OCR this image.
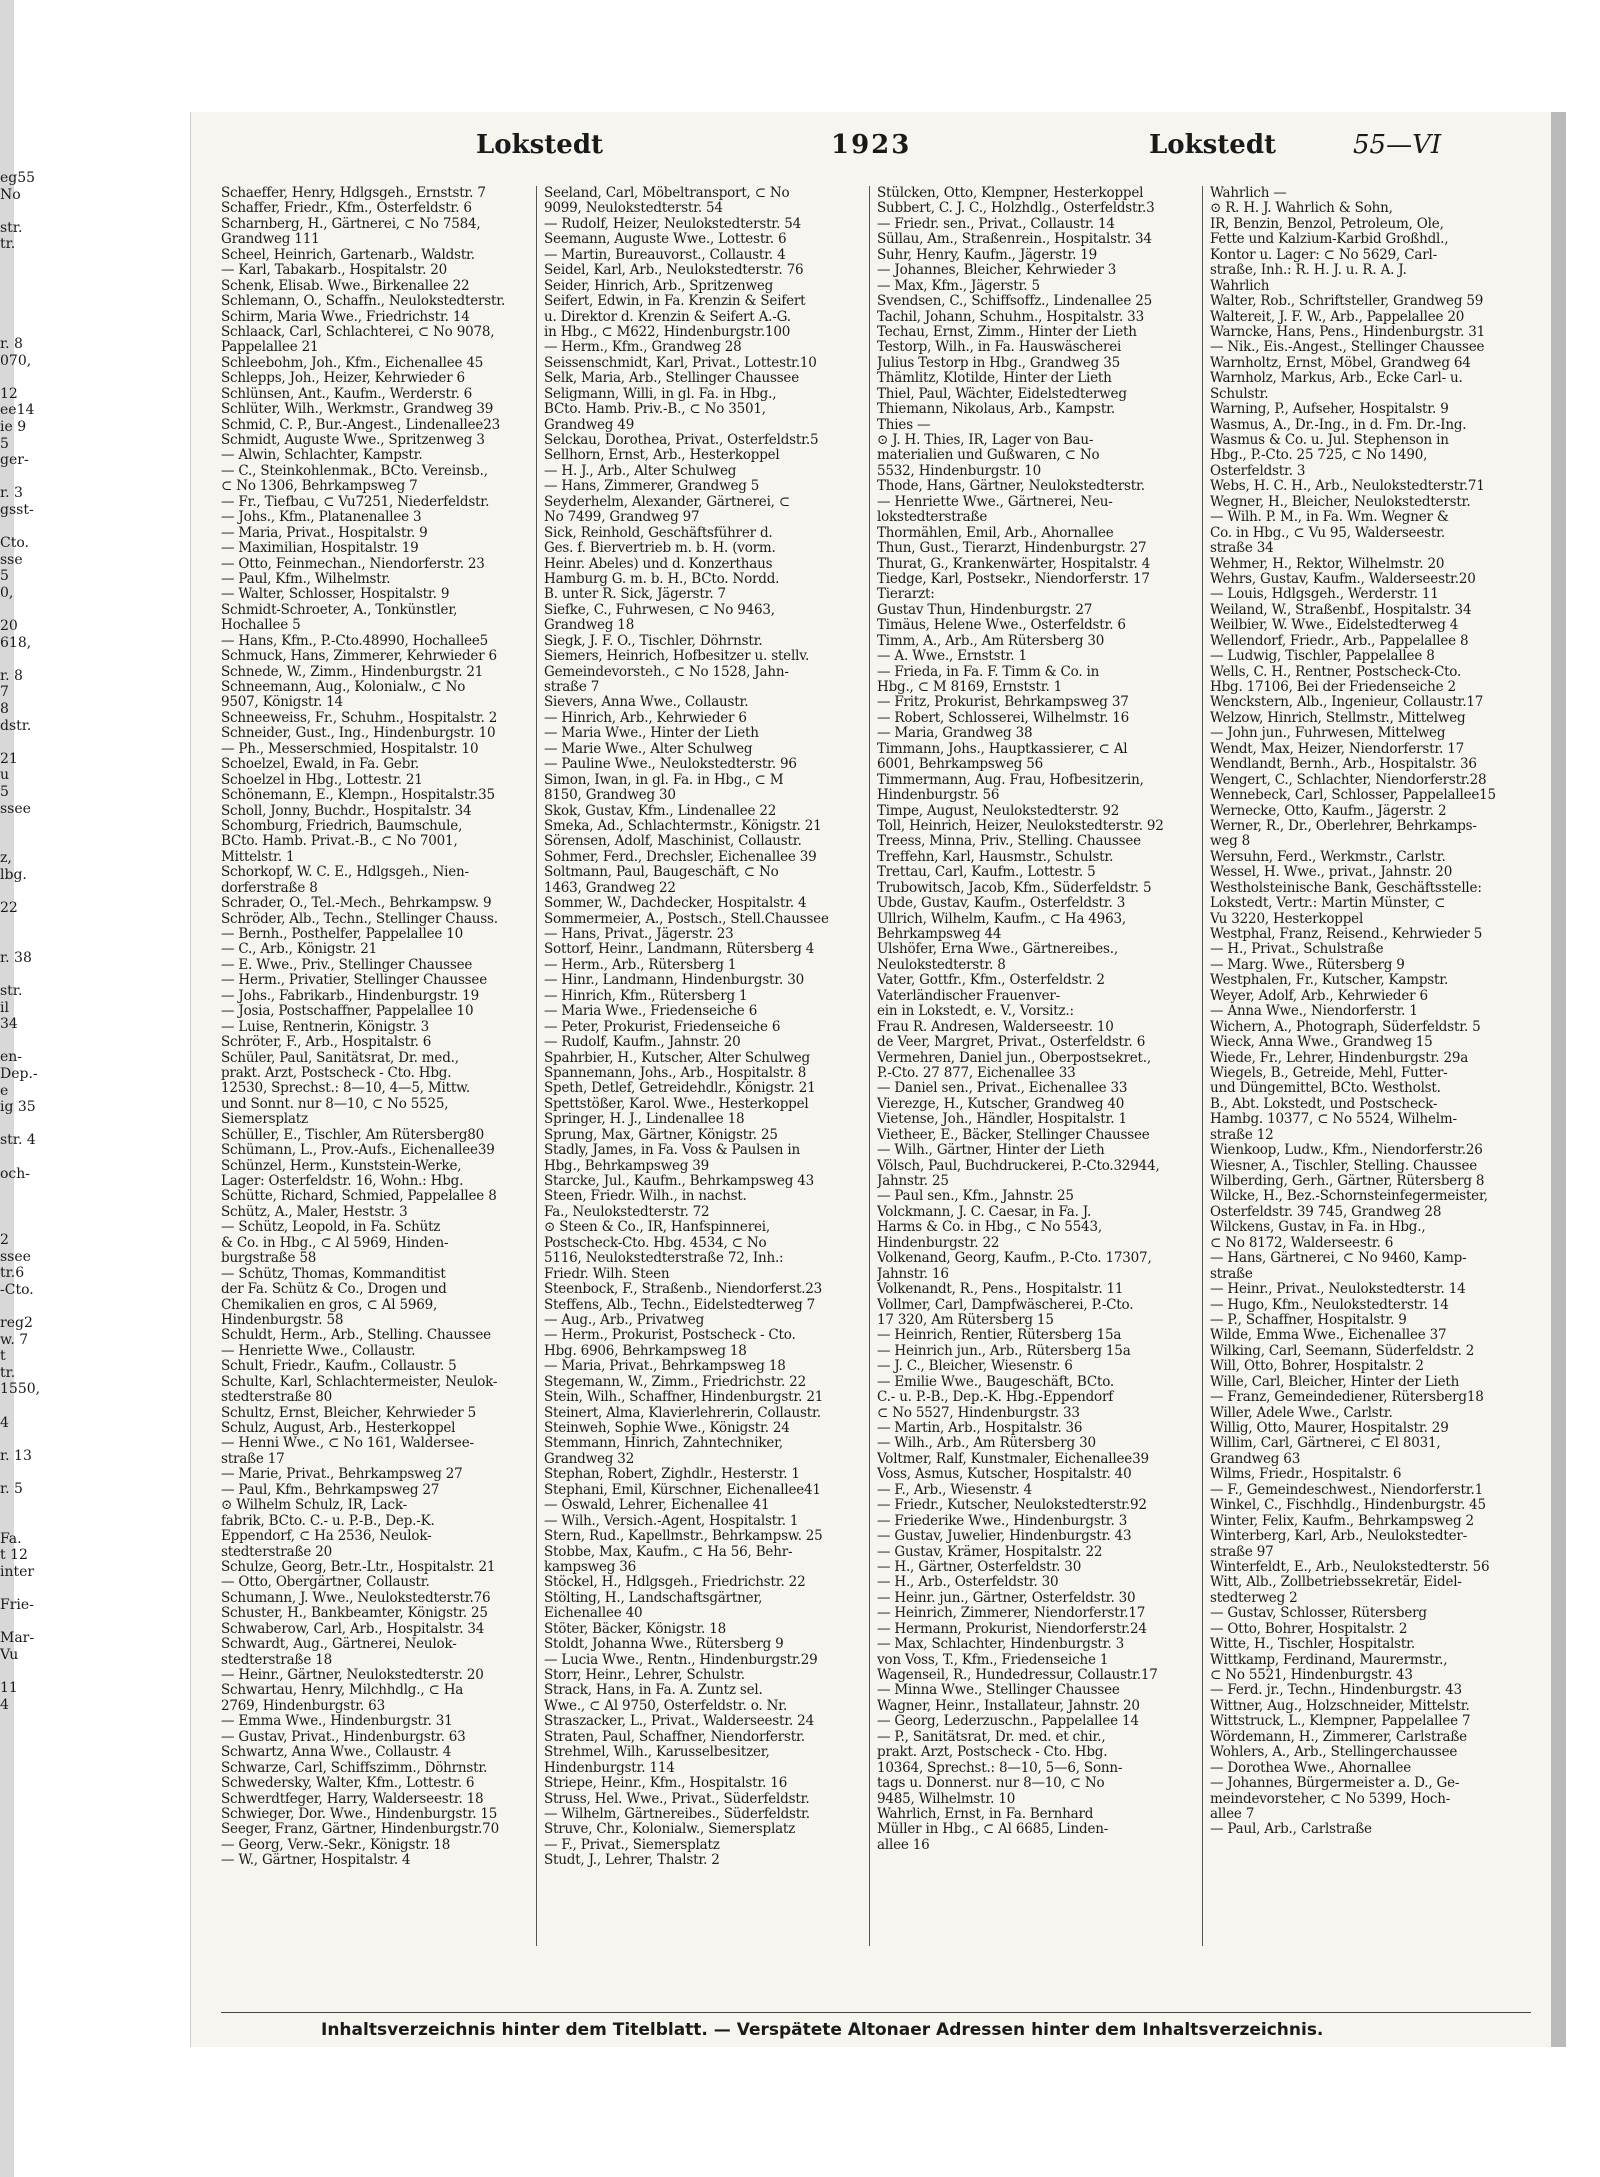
eg55
No
str.
tr.
r. 8
070,
12
ee14
ie 9
5
ger-
r. 3
gsst-
Cto.
sse
5
0,
20
618,
r. 8
7
8
dstr.
21
u
5
ssee
z,
lbg.
22
r. 38
str.
il
34
en-
Dep.-
e
ig 35
str. 4
och-
2
ssee
tr.6
-Cto.
reg2
w. 7
t
tr.
1550,
4
r. 13
r. 5
Fa.
t 12
inter
Frie-
Mar-
Vu
11
4
Lokstedt	1923	Lokstedt	55—VI
Schaeffer, Henry, Hdlgsgeh., Ernststr. 7
Schaffer, Friedr., Kfm., Osterfeldstr. 6
Scharnberg, H., Gärtnerei, ⊂ No 7584,
Grandweg 111
Scheel, Heinrich, Gartenarb., Waldstr.
— Karl, Tabakarb., Hospitalstr. 20
Schenk, Elisab. Wwe., Birkenallee 22
Schlemann, O., Schaffn., Neulokstedterstr.
Schirm, Maria Wwe., Friedrichstr. 14
Schlaack, Carl, Schlachterei, ⊂ No 9078,
Pappelallee 21
Schleebohm, Joh., Kfm., Eichenallee 45
Schlepps, Joh., Heizer, Kehrwieder 6
Schlünsen, Ant., Kaufm., Werderstr. 6
Schlüter, Wilh., Werkmstr., Grandweg 39
Schmid, C. P., Bur.-Angest., Lindenallee23
Schmidt, Auguste Wwe., Spritzenweg 3
— Alwin, Schlachter, Kampstr.
— C., Steinkohlenmak., BCto. Vereinsb.,
⊂ No 1306, Behrkampsweg 7
— Fr., Tiefbau, ⊂ Vu7251, Niederfeldstr.
— Johs., Kfm., Platanenallee 3
— Maria, Privat., Hospitalstr. 9
— Maximilian, Hospitalstr. 19
— Otto, Feinmechan., Niendorferstr. 23
— Paul, Kfm., Wilhelmstr.
— Walter, Schlosser, Hospitalstr. 9
Schmidt-Schroeter, A., Tonkünstler,
Hochallee 5
— Hans, Kfm., P.-Cto.48990, Hochallee5
Schmuck, Hans, Zimmerer, Kehrwieder 6
Schnede, W., Zimm., Hindenburgstr. 21
Schneemann, Aug., Kolonialw., ⊂ No
9507, Königstr. 14
Schneeweiss, Fr., Schuhm., Hospitalstr. 2
Schneider, Gust., Ing., Hindenburgstr. 10
— Ph., Messerschmied, Hospitalstr. 10
Schoelzel, Ewald, in Fa. Gebr.
Schoelzel in Hbg., Lottestr. 21
Schönemann, E., Klempn., Hospitalstr.35
Scholl, Jonny, Buchdr., Hospitalstr. 34
Schomburg, Friedrich, Baumschule,
BCto. Hamb. Privat.-B., ⊂ No 7001,
Mittelstr. 1
Schorkopf, W. C. E., Hdlgsgeh., Nien-
dorferstraße 8
Schrader, O., Tel.-Mech., Behrkampsw. 9
Schröder, Alb., Techn., Stellinger Chauss.
— Bernh., Posthelfer, Pappelallee 10
— C., Arb., Königstr. 21
— E. Wwe., Priv., Stellinger Chaussee
— Herm., Privatier, Stellinger Chaussee
— Johs., Fabrikarb., Hindenburgstr. 19
— Josia, Postschaffner, Pappelallee 10
— Luise, Rentnerin, Königstr. 3
Schröter, F., Arb., Hospitalstr. 6
Schüler, Paul, Sanitätsrat, Dr. med.,
prakt. Arzt, Postscheck - Cto. Hbg.
12530, Sprechst.: 8—10, 4—5, Mittw.
und Sonnt. nur 8—10, ⊂ No 5525,
Siemersplatz
Schüller, E., Tischler, Am Rütersberg80
Schümann, L., Prov.-Aufs., Eichenallee39
Schünzel, Herm., Kunststein-Werke,
Lager: Osterfeldstr. 16, Wohn.: Hbg.
Schütte, Richard, Schmied, Pappelallee 8
Schütz, A., Maler, Heststr. 3
— Schütz, Leopold, in Fa. Schütz
& Co. in Hbg., ⊂ Al 5969, Hinden-
burgstraße 58
— Schütz, Thomas, Kommanditist
der Fa. Schütz & Co., Drogen und
Chemikalien en gros, ⊂ Al 5969,
Hindenburgstr. 58
Schuldt, Herm., Arb., Stelling. Chaussee
— Henriette Wwe., Collaustr.
Schult, Friedr., Kaufm., Collaustr. 5
Schulte, Karl, Schlachtermeister, Neulok-
stedterstraße 80
Schultz, Ernst, Bleicher, Kehrwieder 5
Schulz, August, Arb., Hesterkoppel
— Henni Wwe., ⊂ No 161, Waldersee-
straße 17
— Marie, Privat., Behrkampsweg 27
— Paul, Kfm., Behrkampsweg 27
⊙ Wilhelm Schulz, IR, Lack-
fabrik, BCto. C.- u. P.-B., Dep.-K.
Eppendorf, ⊂ Ha 2536, Neulok-
stedterstraße 20
Schulze, Georg, Betr.-Ltr., Hospitalstr. 21
— Otto, Obergärtner, Collaustr.
Schumann, J. Wwe., Neulokstedterstr.76
Schuster, H., Bankbeamter, Königstr. 25
Schwaberow, Carl, Arb., Hospitalstr. 34
Schwardt, Aug., Gärtnerei, Neulok-
stedterstraße 18
— Heinr., Gärtner, Neulokstedterstr. 20
Schwartau, Henry, Milchhdlg., ⊂ Ha
2769, Hindenburgstr. 63
— Emma Wwe., Hindenburgstr. 31
— Gustav, Privat., Hindenburgstr. 63
Schwartz, Anna Wwe., Collaustr. 4
Schwarze, Carl, Schiffszimm., Döhrnstr.
Schwedersky, Walter, Kfm., Lottestr. 6
Schwerdtfeger, Harry, Walderseestr. 18
Schwieger, Dor. Wwe., Hindenburgstr. 15
Seeger, Franz, Gärtner, Hindenburgstr.70
— Georg, Verw.-Sekr., Königstr. 18
— W., Gärtner, Hospitalstr. 4
Seeland, Carl, Möbeltransport, ⊂ No
9099, Neulokstedterstr. 54
— Rudolf, Heizer, Neulokstedterstr. 54
Seemann, Auguste Wwe., Lottestr. 6
— Martin, Bureauvorst., Collaustr. 4
Seidel, Karl, Arb., Neulokstedterstr. 76
Seider, Hinrich, Arb., Spritzenweg
Seifert, Edwin, in Fa. Krenzin & Seifert
u. Direktor d. Krenzin & Seifert A.-G.
in Hbg., ⊂ M622, Hindenburgstr.100
— Herm., Kfm., Grandweg 28
Seissenschmidt, Karl, Privat., Lottestr.10
Selk, Maria, Arb., Stellinger Chaussee
Seligmann, Willi, in gl. Fa. in Hbg.,
BCto. Hamb. Priv.-B., ⊂ No 3501,
Grandweg 49
Selckau, Dorothea, Privat., Osterfeldstr.5
Sellhorn, Ernst, Arb., Hesterkoppel
— H. J., Arb., Alter Schulweg
— Hans, Zimmerer, Grandweg 5
Seyderhelm, Alexander, Gärtnerei, ⊂
No 7499, Grandweg 97
Sick, Reinhold, Geschäftsführer d.
Ges. f. Biervertrieb m. b. H. (vorm.
Heinr. Abeles) und d. Konzerthaus
Hamburg G. m. b. H., BCto. Nordd.
B. unter R. Sick, Jägerstr. 7
Siefke, C., Fuhrwesen, ⊂ No 9463,
Grandweg 18
Siegk, J. F. O., Tischler, Döhrnstr.
Siemers, Heinrich, Hofbesitzer u. stellv.
Gemeindevorsteh., ⊂ No 1528, Jahn-
straße 7
Sievers, Anna Wwe., Collaustr.
— Hinrich, Arb., Kehrwieder 6
— Maria Wwe., Hinter der Lieth
— Marie Wwe., Alter Schulweg
— Pauline Wwe., Neulokstedterstr. 96
Simon, Iwan, in gl. Fa. in Hbg., ⊂ M
8150, Grandweg 30
Skok, Gustav, Kfm., Lindenallee 22
Smeka, Ad., Schlachtermstr., Königstr. 21
Sörensen, Adolf, Maschinist, Collaustr.
Sohmer, Ferd., Drechsler, Eichenallee 39
Soltmann, Paul, Baugeschäft, ⊂ No
1463, Grandweg 22
Sommer, W., Dachdecker, Hospitalstr. 4
Sommermeier, A., Postsch., Stell.Chaussee
— Hans, Privat., Jägerstr. 23
Sottorf, Heinr., Landmann, Rütersberg 4
— Herm., Arb., Rütersberg 1
— Hinr., Landmann, Hindenburgstr. 30
— Hinrich, Kfm., Rütersberg 1
— Maria Wwe., Friedenseiche 6
— Peter, Prokurist, Friedenseiche 6
— Rudolf, Kaufm., Jahnstr. 20
Spahrbier, H., Kutscher, Alter Schulweg
Spannemann, Johs., Arb., Hospitalstr. 8
Speth, Detlef, Getreidehdlr., Königstr. 21
Spettstößer, Karol. Wwe., Hesterkoppel
Springer, H. J., Lindenallee 18
Sprung, Max, Gärtner, Königstr. 25
Stadly, James, in Fa. Voss & Paulsen in
Hbg., Behrkampsweg 39
Starcke, Jul., Kaufm., Behrkampsweg 43
Steen, Friedr. Wilh., in nachst.
Fa., Neulokstedterstr. 72
⊙ Steen & Co., IR, Hanfspinnerei,
Postscheck-Cto. Hbg. 4534, ⊂ No
5116, Neulokstedterstraße 72, Inh.:
Friedr. Wilh. Steen
Steenbock, F., Straßenb., Niendorferst.23
Steffens, Alb., Techn., Eidelstedterweg 7
— Aug., Arb., Privatweg
— Herm., Prokurist, Postscheck - Cto.
Hbg. 6906, Behrkampsweg 18
— Maria, Privat., Behrkampsweg 18
Stegemann, W., Zimm., Friedrichstr. 22
Stein, Wilh., Schaffner, Hindenburgstr. 21
Steinert, Alma, Klavierlehrerin, Collaustr.
Steinweh, Sophie Wwe., Königstr. 24
Stemmann, Hinrich, Zahntechniker,
Grandweg 32
Stephan, Robert, Zighdlr., Hesterstr. 1
Stephani, Emil, Kürschner, Eichenallee41
— Oswald, Lehrer, Eichenallee 41
— Wilh., Versich.-Agent, Hospitalstr. 1
Stern, Rud., Kapellmstr., Behrkampsw. 25
Stobbe, Max, Kaufm., ⊂ Ha 56, Behr-
kampsweg 36
Stöckel, H., Hdlgsgeh., Friedrichstr. 22
Stölting, H., Landschaftsgärtner,
Eichenallee 40
Stöter, Bäcker, Königstr. 18
Stoldt, Johanna Wwe., Rütersberg 9
— Lucia Wwe., Rentn., Hindenburgstr.29
Storr, Heinr., Lehrer, Schulstr.
Strack, Hans, in Fa. A. Zuntz sel.
Wwe., ⊂ Al 9750, Osterfeldstr. o. Nr.
Straszacker, L., Privat., Walderseestr. 24
Straten, Paul, Schaffner, Niendorferstr.
Strehmel, Wilh., Karusselbesitzer,
Hindenburgstr. 114
Striepe, Heinr., Kfm., Hospitalstr. 16
Struss, Hel. Wwe., Privat., Süderfeldstr.
— Wilhelm, Gärtnereibes., Süderfeldstr.
Struve, Chr., Kolonialw., Siemersplatz
— F., Privat., Siemersplatz
Studt, J., Lehrer, Thalstr. 2
Stülcken, Otto, Klempner, Hesterkoppel
Subbert, C. J. C., Holzhdlg., Osterfeldstr.3
— Friedr. sen., Privat., Collaustr. 14
Süllau, Am., Straßenrein., Hospitalstr. 34
Suhr, Henry, Kaufm., Jägerstr. 19
— Johannes, Bleicher, Kehrwieder 3
— Max, Kfm., Jägerstr. 5
Svendsen, C., Schiffsoffz., Lindenallee 25
Tachil, Johann, Schuhm., Hospitalstr. 33
Techau, Ernst, Zimm., Hinter der Lieth
Testorp, Wilh., in Fa. Hauswäscherei
Julius Testorp in Hbg., Grandweg 35
Thämlitz, Klotilde, Hinter der Lieth
Thiel, Paul, Wächter, Eidelstedterweg
Thiemann, Nikolaus, Arb., Kampstr.
Thies —
⊙ J. H. Thies, IR, Lager von Bau-
materialien und Gußwaren, ⊂ No
5532, Hindenburgstr. 10
Thode, Hans, Gärtner, Neulokstedterstr.
— Henriette Wwe., Gärtnerei, Neu-
lokstedterstraße
Thormählen, Emil, Arb., Ahornallee
Thun, Gust., Tierarzt, Hindenburgstr. 27
Thurat, G., Krankenwärter, Hospitalstr. 4
Tiedge, Karl, Postsekr., Niendorferstr. 17
Tierarzt:
Gustav Thun, Hindenburgstr. 27
Timäus, Helene Wwe., Osterfeldstr. 6
Timm, A., Arb., Am Rütersberg 30
— A. Wwe., Ernststr. 1
— Frieda, in Fa. F. Timm & Co. in
Hbg., ⊂ M 8169, Ernststr. 1
— Fritz, Prokurist, Behrkampsweg 37
— Robert, Schlosserei, Wilhelmstr. 16
— Maria, Grandweg 38
Timmann, Johs., Hauptkassierer, ⊂ Al
6001, Behrkampsweg 56
Timmermann, Aug. Frau, Hofbesitzerin,
Hindenburgstr. 56
Timpe, August, Neulokstedterstr. 92
Toll, Heinrich, Heizer, Neulokstedterstr. 92
Treess, Minna, Priv., Stelling. Chaussee
Treffehn, Karl, Hausmstr., Schulstr.
Trettau, Carl, Kaufm., Lottestr. 5
Trubowitsch, Jacob, Kfm., Süderfeldstr. 5
Ubde, Gustav, Kaufm., Osterfeldstr. 3
Ullrich, Wilhelm, Kaufm., ⊂ Ha 4963,
Behrkampsweg 44
Ulshöfer, Erna Wwe., Gärtnereibes.,
Neulokstedterstr. 8
Vater, Gottfr., Kfm., Osterfeldstr. 2
Vaterländischer Frauenver-
ein in Lokstedt, e. V., Vorsitz.:
Frau R. Andresen, Walderseestr. 10
de Veer, Margret, Privat., Osterfeldstr. 6
Vermehren, Daniel jun., Oberpostsekret.,
P.-Cto. 27 877, Eichenallee 33
— Daniel sen., Privat., Eichenallee 33
Vierezge, H., Kutscher, Grandweg 40
Vietense, Joh., Händler, Hospitalstr. 1
Vietheer, E., Bäcker, Stellinger Chaussee
— Wilh., Gärtner, Hinter der Lieth
Völsch, Paul, Buchdruckerei, P.-Cto.32944,
Jahnstr. 25
— Paul sen., Kfm., Jahnstr. 25
Volckmann, J. C. Caesar, in Fa. J.
Harms & Co. in Hbg., ⊂ No 5543,
Hindenburgstr. 22
Volkenand, Georg, Kaufm., P.-Cto. 17307,
Jahnstr. 16
Volkenandt, R., Pens., Hospitalstr. 11
Vollmer, Carl, Dampfwäscherei, P.-Cto.
17 320, Am Rütersberg 15
— Heinrich, Rentier, Rütersberg 15a
— Heinrich jun., Arb., Rütersberg 15a
— J. C., Bleicher, Wiesenstr. 6
— Emilie Wwe., Baugeschäft, BCto.
C.- u. P.-B., Dep.-K. Hbg.-Eppendorf
⊂ No 5527, Hindenburgstr. 33
— Martin, Arb., Hospitalstr. 36
— Wilh., Arb., Am Rütersberg 30
Voltmer, Ralf, Kunstmaler, Eichenallee39
Voss, Asmus, Kutscher, Hospitalstr. 40
— F., Arb., Wiesenstr. 4
— Friedr., Kutscher, Neulokstedterstr.92
— Friederike Wwe., Hindenburgstr. 3
— Gustav, Juwelier, Hindenburgstr. 43
— Gustav, Krämer, Hospitalstr. 22
— H., Gärtner, Osterfeldstr. 30
— H., Arb., Osterfeldstr. 30
— Heinr. jun., Gärtner, Osterfeldstr. 30
— Heinrich, Zimmerer, Niendorferstr.17
— Hermann, Prokurist, Niendorferstr.24
— Max, Schlachter, Hindenburgstr. 3
von Voss, T., Kfm., Friedenseiche 1
Wagenseil, R., Hundedressur, Collaustr.17
— Minna Wwe., Stellinger Chaussee
Wagner, Heinr., Installateur, Jahnstr. 20
— Georg, Lederzuschn., Pappelallee 14
— P., Sanitätsrat, Dr. med. et chir.,
prakt. Arzt, Postscheck - Cto. Hbg.
10364, Sprechst.: 8—10, 5—6, Sonn-
tags u. Donnerst. nur 8—10, ⊂ No
9485, Wilhelmstr. 10
Wahrlich, Ernst, in Fa. Bernhard
Müller in Hbg., ⊂ Al 6685, Linden-
allee 16
Wahrlich —
⊙ R. H. J. Wahrlich & Sohn,
IR, Benzin, Benzol, Petroleum, Öle,
Fette und Kalzium-Karbid Großhdl.,
Kontor u. Lager: ⊂ No 5629, Carl-
straße, Inh.: R. H. J. u. R. A. J.
Wahrlich
Walter, Rob., Schriftsteller, Grandweg 59
Waltereit, J. F. W., Arb., Pappelallee 20
Warncke, Hans, Pens., Hindenburgstr. 31
— Nik., Eis.-Angest., Stellinger Chaussee
Warnholtz, Ernst, Möbel, Grandweg 64
Warnholz, Markus, Arb., Ecke Carl- u.
Schulstr.
Warning, P., Aufseher, Hospitalstr. 9
Wasmus, A., Dr.-Ing., in d. Fm. Dr.-Ing.
Wasmus & Co. u. Jul. Stephenson in
Hbg., P.-Cto. 25 725, ⊂ No 1490,
Osterfeldstr. 3
Webs, H. C. H., Arb., Neulokstedterstr.71
Wegner, H., Bleicher, Neulokstedterstr.
— Wilh. P. M., in Fa. Wm. Wegner &
Co. in Hbg., ⊂ Vu 95, Walderseestr.
straße 34
Wehmer, H., Rektor, Wilhelmstr. 20
Wehrs, Gustav, Kaufm., Walderseestr.20
— Louis, Hdlgsgeh., Werderstr. 11
Weiland, W., Straßenbf., Hospitalstr. 34
Weilbier, W. Wwe., Eidelstedterweg 4
Wellendorf, Friedr., Arb., Pappelallee 8
— Ludwig, Tischler, Pappelallee 8
Wells, C. H., Rentner, Postscheck-Cto.
Hbg. 17106, Bei der Friedenseiche 2
Wenckstern, Alb., Ingenieur, Collaustr.17
Welzow, Hinrich, Stellmstr., Mittelweg
— John jun., Fuhrwesen, Mittelweg
Wendt, Max, Heizer, Niendorferstr. 17
Wendlandt, Bernh., Arb., Hospitalstr. 36
Wengert, C., Schlachter, Niendorferstr.28
Wennebeck, Carl, Schlosser, Pappelallee15
Wernecke, Otto, Kaufm., Jägerstr. 2
Werner, R., Dr., Oberlehrer, Behrkamps-
weg 8
Wersuhn, Ferd., Werkmstr., Carlstr.
Wessel, H. Wwe., privat., Jahnstr. 20
Westholsteinische Bank, Geschäftsstelle:
Lokstedt, Vertr.: Martin Münster, ⊂
Vu 3220, Hesterkoppel
Westphal, Franz, Reisend., Kehrwieder 5
— H., Privat., Schulstraße
— Marg. Wwe., Rütersberg 9
Westphalen, Fr., Kutscher, Kampstr.
Weyer, Adolf, Arb., Kehrwieder 6
— Anna Wwe., Niendorferstr. 1
Wichern, A., Photograph, Süderfeldstr. 5
Wieck, Anna Wwe., Grandweg 15
Wiede, Fr., Lehrer, Hindenburgstr. 29a
Wiegels, B., Getreide, Mehl, Futter-
und Düngemittel, BCto. Westholst.
B., Abt. Lokstedt, und Postscheck-
Hambg. 10377, ⊂ No 5524, Wilhelm-
straße 12
Wienkoop, Ludw., Kfm., Niendorferstr.26
Wiesner, A., Tischler, Stelling. Chaussee
Wilberding, Gerh., Gärtner, Rütersberg 8
Wilcke, H., Bez.-Schornsteinfegermeister,
Osterfeldstr. 39 745, Grandweg 28
Wilckens, Gustav, in Fa. in Hbg.,
⊂ No 8172, Walderseestr. 6
— Hans, Gärtnerei, ⊂ No 9460, Kamp-
straße
— Heinr., Privat., Neulokstedterstr. 14
— Hugo, Kfm., Neulokstedterstr. 14
— P., Schaffner, Hospitalstr. 9
Wilde, Emma Wwe., Eichenallee 37
Wilking, Carl, Seemann, Süderfeldstr. 2
Will, Otto, Bohrer, Hospitalstr. 2
Wille, Carl, Bleicher, Hinter der Lieth
— Franz, Gemeindediener, Rütersberg18
Willer, Adele Wwe., Carlstr.
Willig, Otto, Maurer, Hospitalstr. 29
Willim, Carl, Gärtnerei, ⊂ El 8031,
Grandweg 63
Wilms, Friedr., Hospitalstr. 6
— F., Gemeindeschwest., Niendorferstr.1
Winkel, C., Fischhdlg., Hindenburgstr. 45
Winter, Felix, Kaufm., Behrkampsweg 2
Winterberg, Karl, Arb., Neulokstedter-
straße 97
Winterfeldt, E., Arb., Neulokstedterstr. 56
Witt, Alb., Zollbetriebssekretär, Eidel-
stedterweg 2
— Gustav, Schlosser, Rütersberg
— Otto, Bohrer, Hospitalstr. 2
Witte, H., Tischler, Hospitalstr.
Wittkamp, Ferdinand, Maurermstr.,
⊂ No 5521, Hindenburgstr. 43
— Ferd. jr., Techn., Hindenburgstr. 43
Wittner, Aug., Holzschneider, Mittelstr.
Wittstruck, L., Klempner, Pappelallee 7
Wördemann, H., Zimmerer, Carlstraße
Wohlers, A., Arb., Stellingerchaussee
— Dorothea Wwe., Ahornallee
— Johannes, Bürgermeister a. D., Ge-
meindevorsteher, ⊂ No 5399, Hoch-
allee 7
— Paul, Arb., Carlstraße
Inhaltsverzeichnis hinter dem Titelblatt. — Verspätete Altonaer Adressen hinter dem Inhaltsverzeichnis.
